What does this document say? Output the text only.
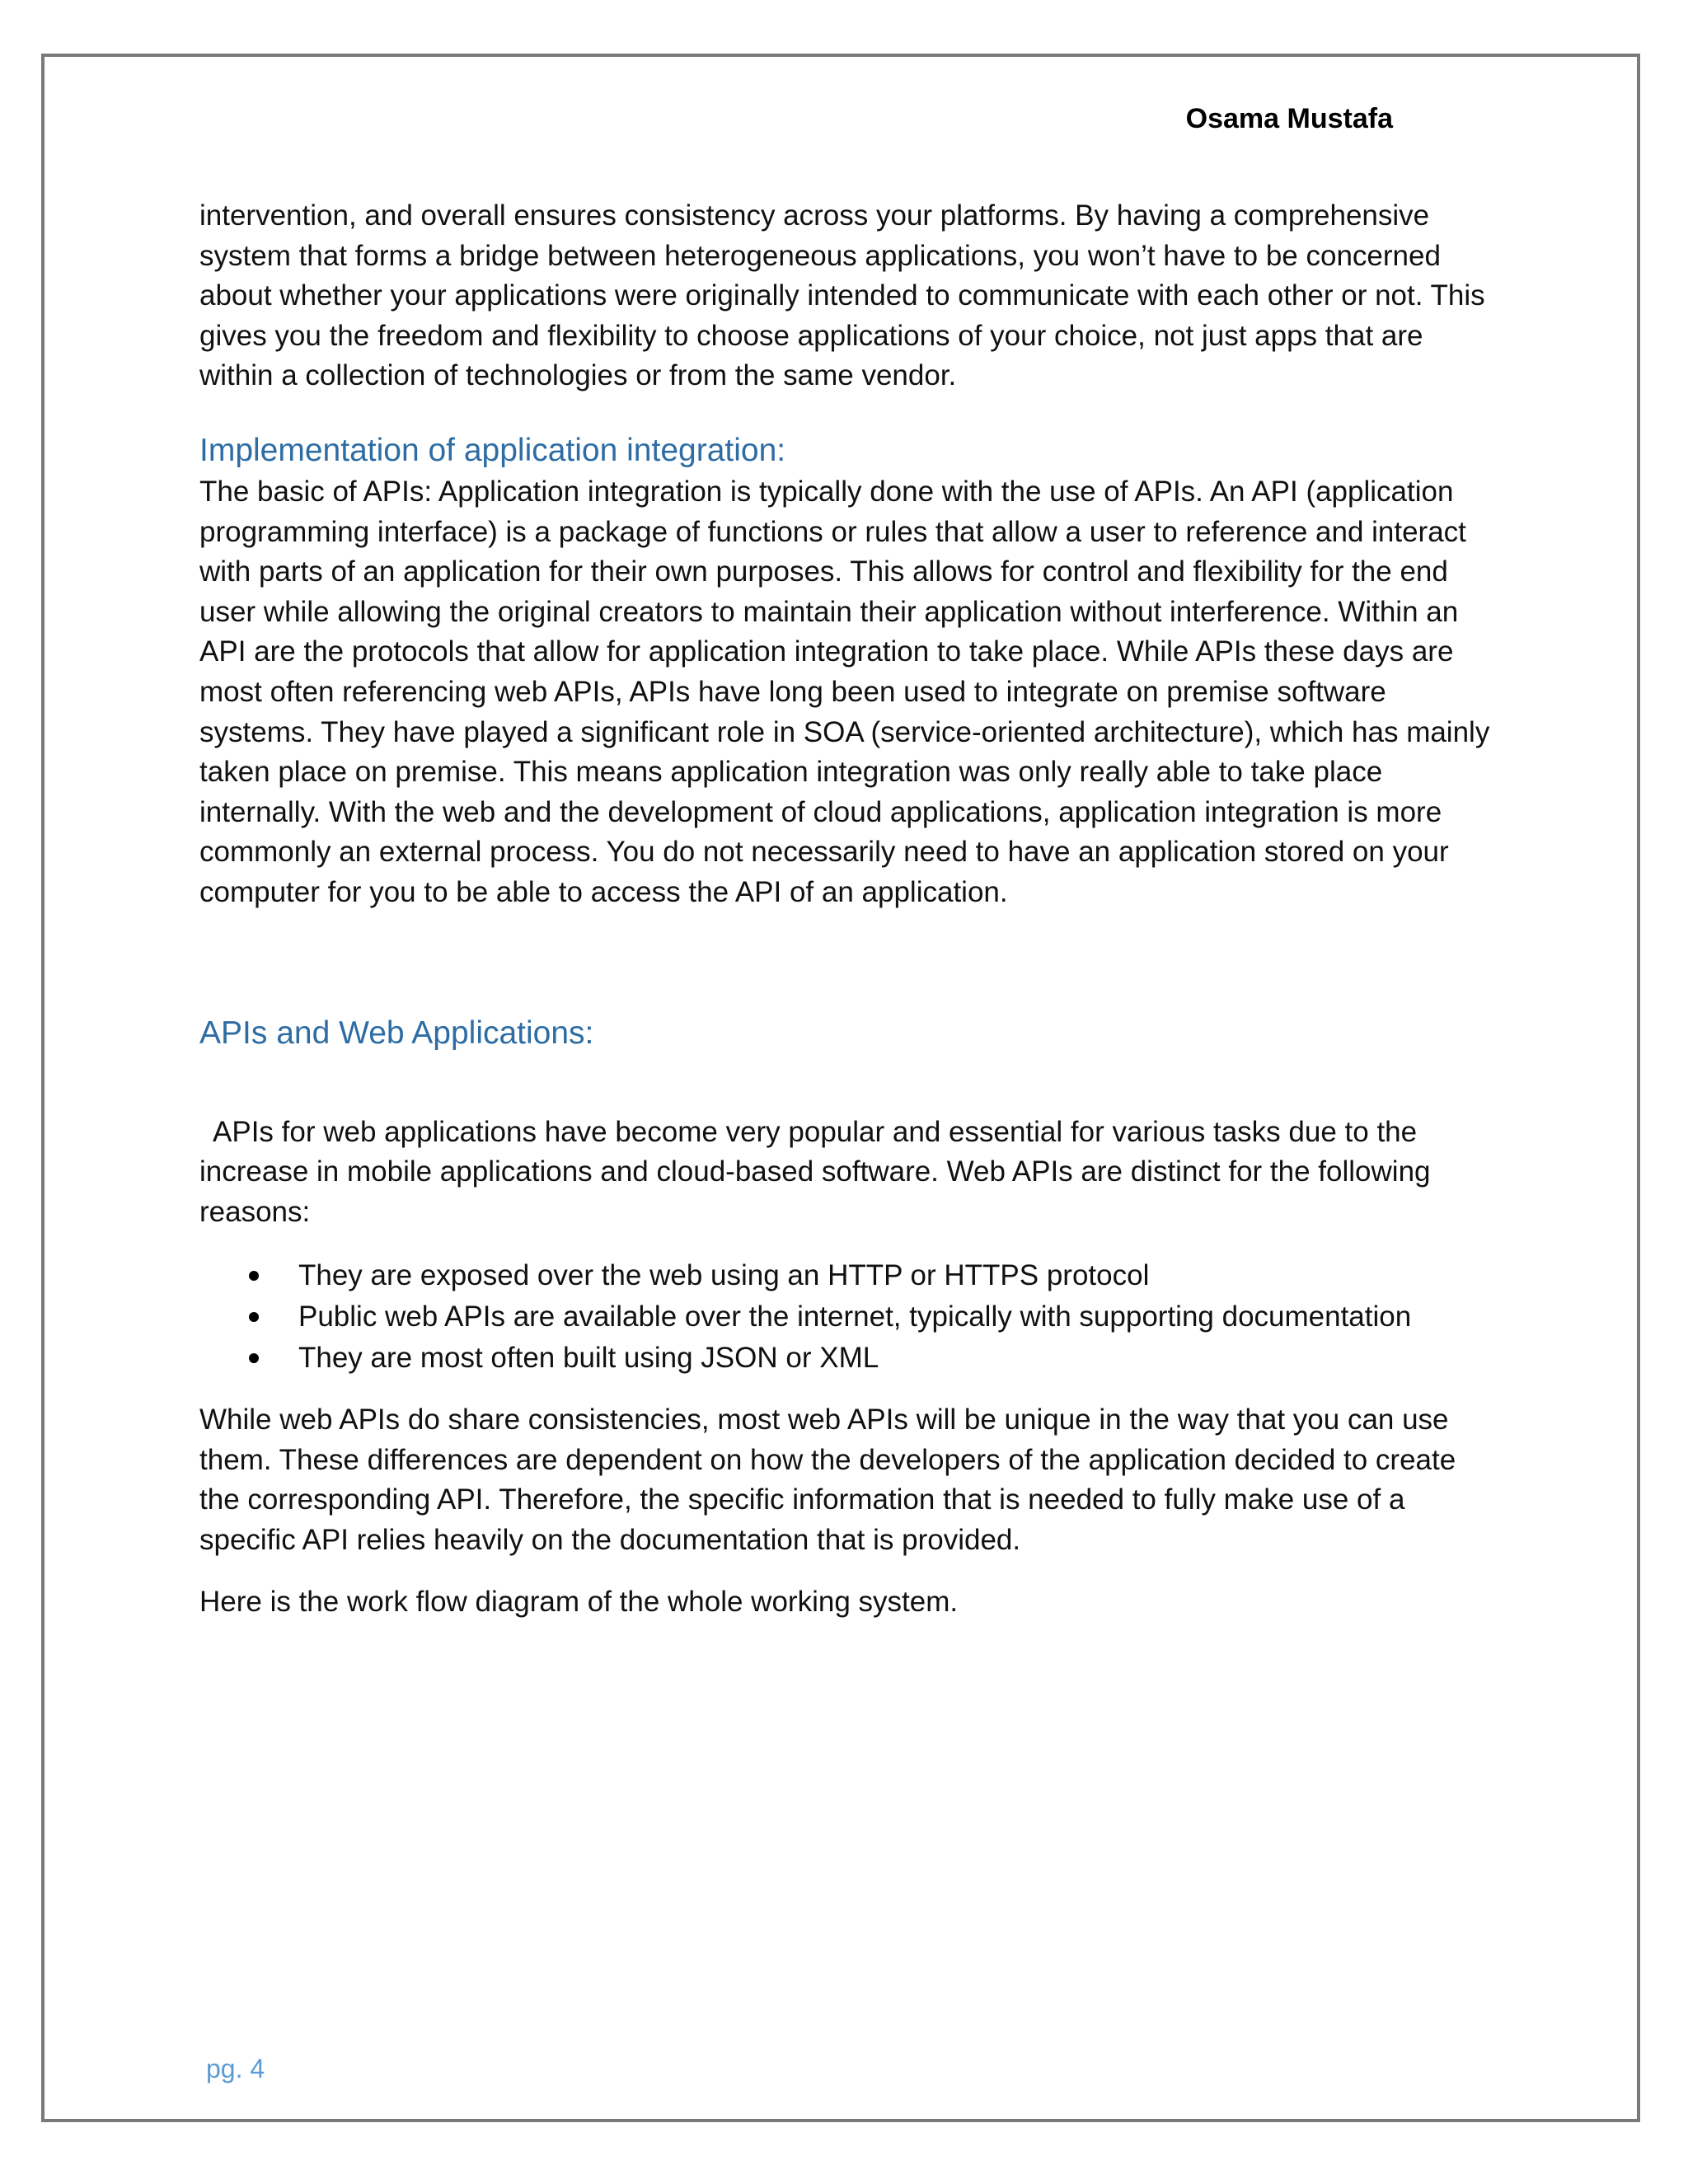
Osama Mustafa

intervention, and overall ensures consistency across your platforms. By having a comprehensive system that forms a bridge between heterogeneous applications, you won’t have to be concerned about whether your applications were originally intended to communicate with each other or not. This gives you the freedom and flexibility to choose applications of your choice, not just apps that are within a collection of technologies or from the same vendor.

Implementation of application integration:

The basic of APIs: Application integration is typically done with the use of APIs. An API (application programming interface) is a package of functions or rules that allow a user to reference and interact with parts of an application for their own purposes. This allows for control and flexibility for the end user while allowing the original creators to maintain their application without interference. Within an API are the protocols that allow for application integration to take place. While APIs these days are most often referencing web APIs, APIs have long been used to integrate on premise software systems. They have played a significant role in SOA (service-oriented architecture), which has mainly taken place on premise. This means application integration was only really able to take place internally. With the web and the development of cloud applications, application integration is more commonly an external process. You do not necessarily need to have an application stored on your computer for you to be able to access the API of an application.

APIs and Web Applications:

APIs for web applications have become very popular and essential for various tasks due to the increase in mobile applications and cloud-based software. Web APIs are distinct for the following reasons:

They are exposed over the web using an HTTP or HTTPS protocol
Public web APIs are available over the internet, typically with supporting documentation
They are most often built using JSON or XML

While web APIs do share consistencies, most web APIs will be unique in the way that you can use them. These differences are dependent on how the developers of the application decided to create the corresponding API. Therefore, the specific information that is needed to fully make use of a specific API relies heavily on the documentation that is provided.

Here is the work flow diagram of the whole working system.

pg. 4
